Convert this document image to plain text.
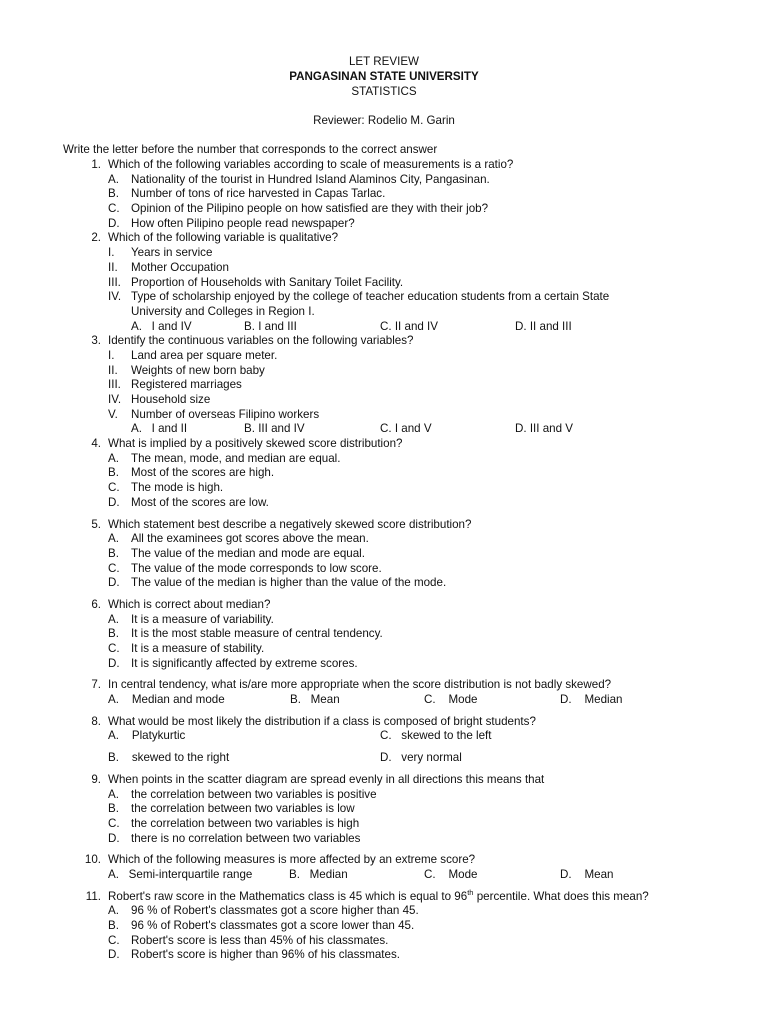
LET REVIEW
PANGASINAN STATE UNIVERSITY
STATISTICS
Reviewer: Rodelio M. Garin
Write the letter before the number that corresponds to the correct answer
1. Which of the following variables according to scale of measurements is a ratio?
A. Nationality of the tourist in Hundred Island Alaminos City, Pangasinan.
B. Number of tons of rice harvested in Capas Tarlac.
C. Opinion of the Pilipino people on how satisfied are they with their job?
D. How often Pilipino people read newspaper?
2. Which of the following variable is qualitative?
I. Years in service
II. Mother Occupation
III. Proportion of Households with Sanitary Toilet Facility.
IV. Type of scholarship enjoyed by the college of teacher education students from a certain State University and Colleges in Region I.
A. I and IV	B. I and III	C. II and IV	D. II and III
3. Identify the continuous variables on the following variables?
I. Land area per square meter.
II. Weights of new born baby
III. Registered marriages
IV. Household size
V. Number of overseas Filipino workers
A. I and II	B. III and IV	C. I and V	D. III and V
4. What is implied by a positively skewed score distribution?
A. The mean, mode, and median are equal.
B. Most of the scores are high.
C. The mode is high.
D. Most of the scores are low.
5. Which statement best describe a negatively skewed score distribution?
A. All the examinees got scores above the mean.
B. The value of the median and mode are equal.
C. The value of the mode corresponds to low score.
D. The value of the median is higher than the value of the mode.
6. Which is correct about median?
A. It is a measure of variability.
B. It is the most stable measure of central tendency.
C. It is a measure of stability.
D. It is significantly affected by extreme scores.
7. In central tendency, what is/are more appropriate when the score distribution is not badly skewed?
A. Median and mode	B. Mean	C. Mode	D. Median
8. What would be most likely the distribution if a class is composed of bright students?
A. Platykurtic	C. skewed to the left
B. skewed to the right	D. very normal
9. When points in the scatter diagram are spread evenly in all directions this means that
A. the correlation between two variables is positive
B. the correlation between two variables is low
C. the correlation between two variables is high
D. there is no correlation between two variables
10. Which of the following measures is more affected by an extreme score?
A. Semi-interquartile range	B. Median	C. Mode	D. Mean
11. Robert's raw score in the Mathematics class is 45 which is equal to 96th percentile. What does this mean?
A. 96 % of Robert's classmates got a score higher than 45.
B. 96 % of Robert's classmates got a score lower than 45.
C. Robert's score is less than 45% of his classmates.
D. Robert's score is higher than 96% of his classmates.
